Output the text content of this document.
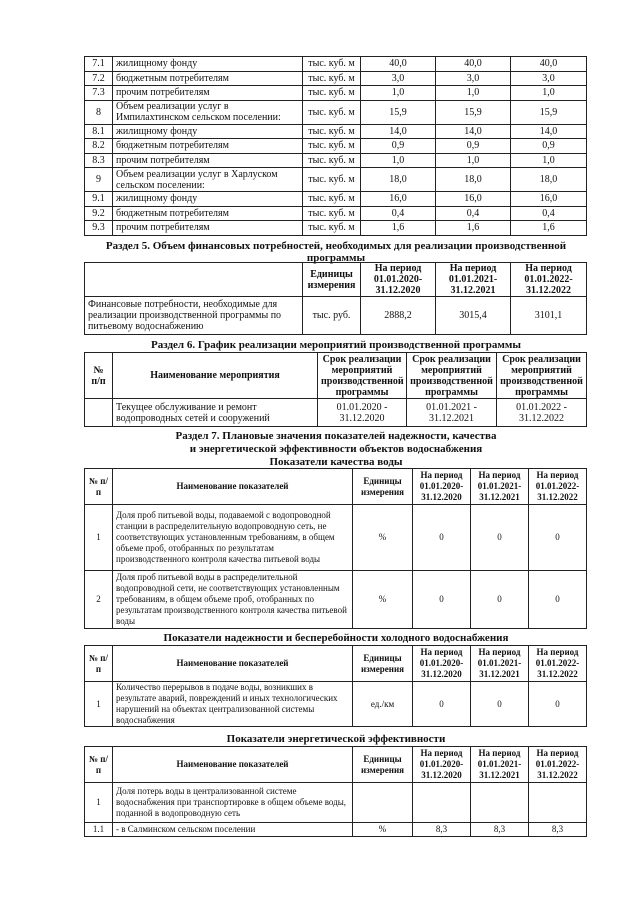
7.1	жилищному фонду	тыс. куб. м	40,0	40,0	40,0
7.2	бюджетным потребителям	тыс. куб. м	3,0	3,0	3,0
7.3	прочим потребителям	тыс. куб. м	1,0	1,0	1,0
8	Объем реализации услуг в Импилахтинском сельском поселении:	тыс. куб. м	15,9	15,9	15,9
8.1	жилищному фонду	тыс. куб. м	14,0	14,0	14,0
8.2	бюджетным потребителям	тыс. куб. м	0,9	0,9	0,9
8.3	прочим потребителям	тыс. куб. м	1,0	1,0	1,0
9	Объем реализации услуг в Харлуском сельском поселении:	тыс. куб. м	18,0	18,0	18,0
9.1	жилищному фонду	тыс. куб. м	16,0	16,0	16,0
9.2	бюджетным потребителям	тыс. куб. м	0,4	0,4	0,4
9.3	прочим потребителям	тыс. куб. м	1,6	1,6	1,6
Раздел 5. Объем финансовых потребностей, необходимых для реализации производственной программы
	Единицы измерения	На период 01.01.2020- 31.12.2020	На период 01.01.2021- 31.12.2021	На период 01.01.2022- 31.12.2022
Финансовые потребности, необходимые для реализации производственной программы по питьевому водоснабжению	тыс. руб.	2888,2	3015,4	3101,1
Раздел 6. График реализации мероприятий производственной программы
№ п/п	Наименование мероприятия	Срок реализации мероприятий производственной программы	Срок реализации мероприятий производственной программы	Срок реализации мероприятий производственной программы
	Текущее обслуживание и ремонт водопроводных сетей и сооружений	01.01.2020 - 31.12.2020	01.01.2021 - 31.12.2021	01.01.2022 - 31.12.2022
Раздел 7. Плановые значения показателей надежности, качества
и энергетической эффективности объектов водоснабжения
Показатели качества воды
№ п/п	Наименование показателей	Единицы измерения	На период 01.01.2020- 31.12.2020	На период 01.01.2021- 31.12.2021	На период 01.01.2022- 31.12.2022
1	Доля проб питьевой воды, подаваемой с водопроводной станции в распределительную водопроводную сеть, не соответствующих установленным требованиям, в общем объеме проб, отобранных по результатам производственного контроля качества питьевой воды	%	0	0	0
2	Доля проб питьевой воды в распределительной водопроводной сети, не соответствующих установленным требованиям, в общем объеме проб, отобранных по результатам производственного контроля качества питьевой воды	%	0	0	0
Показатели надежности и бесперебойности холодного водоснабжения
№ п/п	Наименование показателей	Единицы измерения	На период 01.01.2020- 31.12.2020	На период 01.01.2021- 31.12.2021	На период 01.01.2022- 31.12.2022
1	Количество перерывов в подаче воды, возникших в результате аварий, повреждений и иных технологических нарушений на объектах централизованной системы водоснабжения	ед./км	0	0	0
Показатели энергетической эффективности
№ п/п	Наименование показателей	Единицы измерения	На период 01.01.2020- 31.12.2020	На период 01.01.2021- 31.12.2021	На период 01.01.2022- 31.12.2022
1	Доля потерь воды в централизованной системе водоснабжения при транспортировке в общем объеме воды, поданной в водопроводную сеть				
1.1	- в Салминском сельском поселении	%	8,3	8,3	8,3
